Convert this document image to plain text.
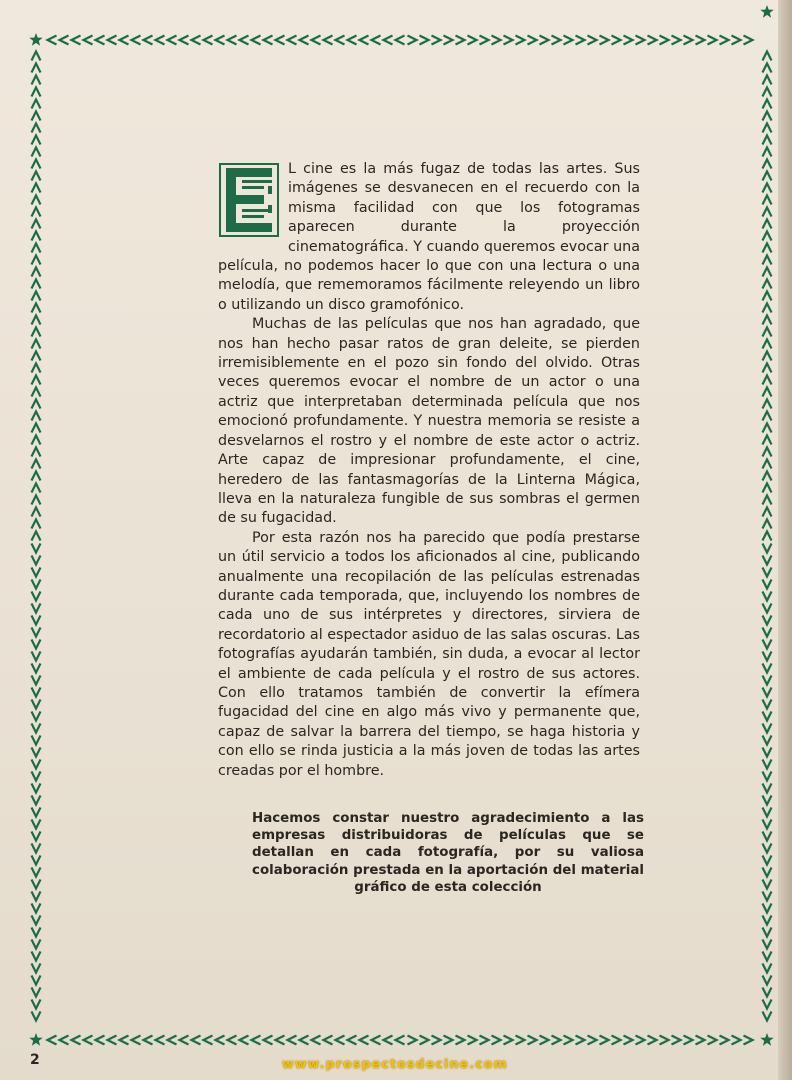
L cine es la más fugaz de todas las artes. Sus imágenes se desvanecen en el recuerdo con la misma facilidad con que los fotogramas aparecen durante la proyección cinematográfica. Y cuando queremos evocar una película, no podemos hacer lo que con una lectura o una melodía, que rememoramos fácilmente releyendo un libro o utilizando un disco gramofónico.

Muchas de las películas que nos han agradado, que nos han hecho pasar ratos de gran deleite, se pierden irremisiblemente en el pozo sin fondo del olvido. Otras veces queremos evocar el nombre de un actor o una actriz que interpretaban determinada película que nos emocionó profundamente. Y nuestra memoria se resiste a desvelarnos el rostro y el nombre de este actor o actriz. Arte capaz de impresionar profundamente, el cine, heredero de las fantasmagorías de la Linterna Mágica, lleva en la naturaleza fungible de sus sombras el germen de su fugacidad.

Por esta razón nos ha parecido que podía prestarse un útil servicio a todos los aficionados al cine, publicando anualmente una recopilación de las películas estrenadas durante cada temporada, que, incluyendo los nombres de cada uno de sus intérpretes y directores, sirviera de recordatorio al espectador asiduo de las salas oscuras. Las fotografías ayudarán también, sin duda, a evocar al lector el ambiente de cada película y el rostro de sus actores. Con ello tratamos también de convertir la efímera fugacidad del cine en algo más vivo y permanente que, capaz de salvar la barrera del tiempo, se haga historia y con ello se rinda justicia a la más joven de todas las artes creadas por el hombre.

Hacemos constar nuestro agradecimiento a las empresas distribuidoras de películas que se detallan en cada fotografía, por su valiosa colaboración prestada en la aportación del material gráfico de esta colección
2	www.prospectosdecine.com
